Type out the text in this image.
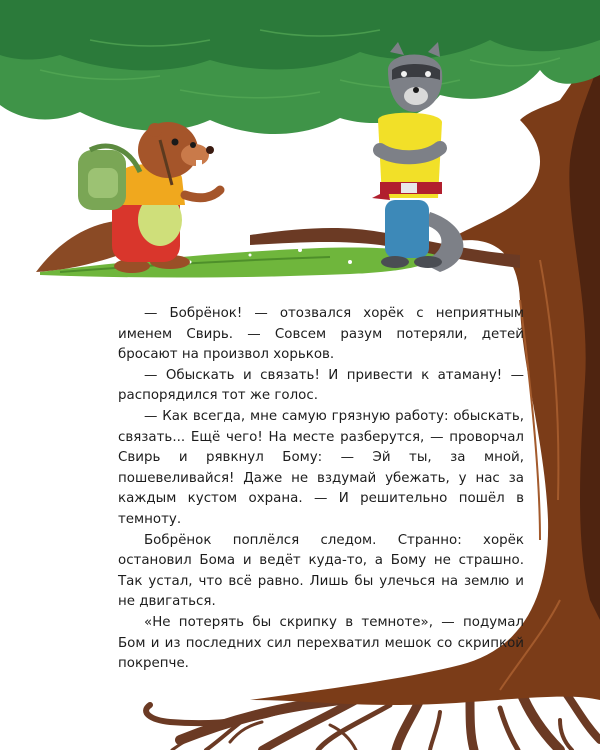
— Бобрёнок! — отозвался хорёк с неприятным именем Свирь. — Совсем разум потеряли, детей бросают на произвол хорьков.

— Обыскать и связать! И привести к атаману! — распорядился тот же голос.

— Как всегда, мне самую грязную работу: обыскать, связать... Ещё чего! На месте разберутся, — проворчал Свирь и рявкнул Бому: — Эй ты, за мной, пошевеливайся! Даже не вздумай убежать, у нас за каждым кустом охрана. — И решительно пошёл в темноту.

Бобрёнок поплёлся следом. Странно: хорёк остановил Бома и ведёт куда-то, а Бому не страшно. Так устал, что всё равно. Лишь бы улечься на землю и не двигаться.

«Не потерять бы скрипку в темноте», — подумал Бом и из последних сил перехватил мешок со скрипкой покрепче.
